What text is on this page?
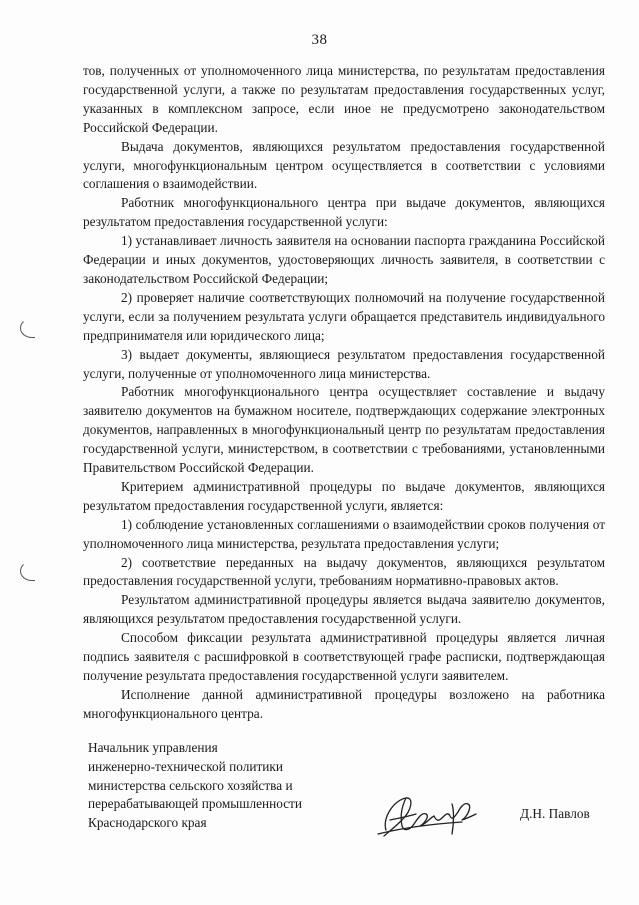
38

тов, полученных от уполномоченного лица министерства, по результатам предоставления государственной услуги, а также по результатам предоставления государственных услуг, указанных в комплексном запросе, если иное не предусмотрено законодательством Российской Федерации.

Выдача документов, являющихся результатом предоставления государственной услуги, многофункциональным центром осуществляется в соответствии с условиями соглашения о взаимодействии.

Работник многофункционального центра при выдаче документов, являющихся результатом предоставления государственной услуги:

1) устанавливает личность заявителя на основании паспорта гражданина Российской Федерации и иных документов, удостоверяющих личность заявителя, в соответствии с законодательством Российской Федерации;

2) проверяет наличие соответствующих полномочий на получение государственной услуги, если за получением результата услуги обращается представитель индивидуального предпринимателя или юридического лица;

3) выдает документы, являющиеся результатом предоставления государственной услуги, полученные от уполномоченного лица министерства.

Работник многофункционального центра осуществляет составление и выдачу заявителю документов на бумажном носителе, подтверждающих содержание электронных документов, направленных в многофункциональный центр по результатам предоставления государственной услуги, министерством, в соответствии с требованиями, установленными Правительством Российской Федерации.

Критерием административной процедуры по выдаче документов, являющихся результатом предоставления государственной услуги, является:

1) соблюдение установленных соглашениями о взаимодействии сроков получения от уполномоченного лица министерства, результата предоставления услуги;

2) соответствие переданных на выдачу документов, являющихся результатом предоставления государственной услуги, требованиям нормативно-правовых актов.

Результатом административной процедуры является выдача заявителю документов, являющихся результатом предоставления государственной услуги.

Способом фиксации результата административной процедуры является личная подпись заявителя с расшифровкой в соответствующей графе расписки, подтверждающая получение результата предоставления государственной услуги заявителем.

Исполнение данной административной процедуры возложено на работника многофункционального центра.

Начальник управления
инженерно-технической политики
министерства сельского хозяйства и
перерабатывающей промышленности
Краснодарского края
Д.Н. Павлов
